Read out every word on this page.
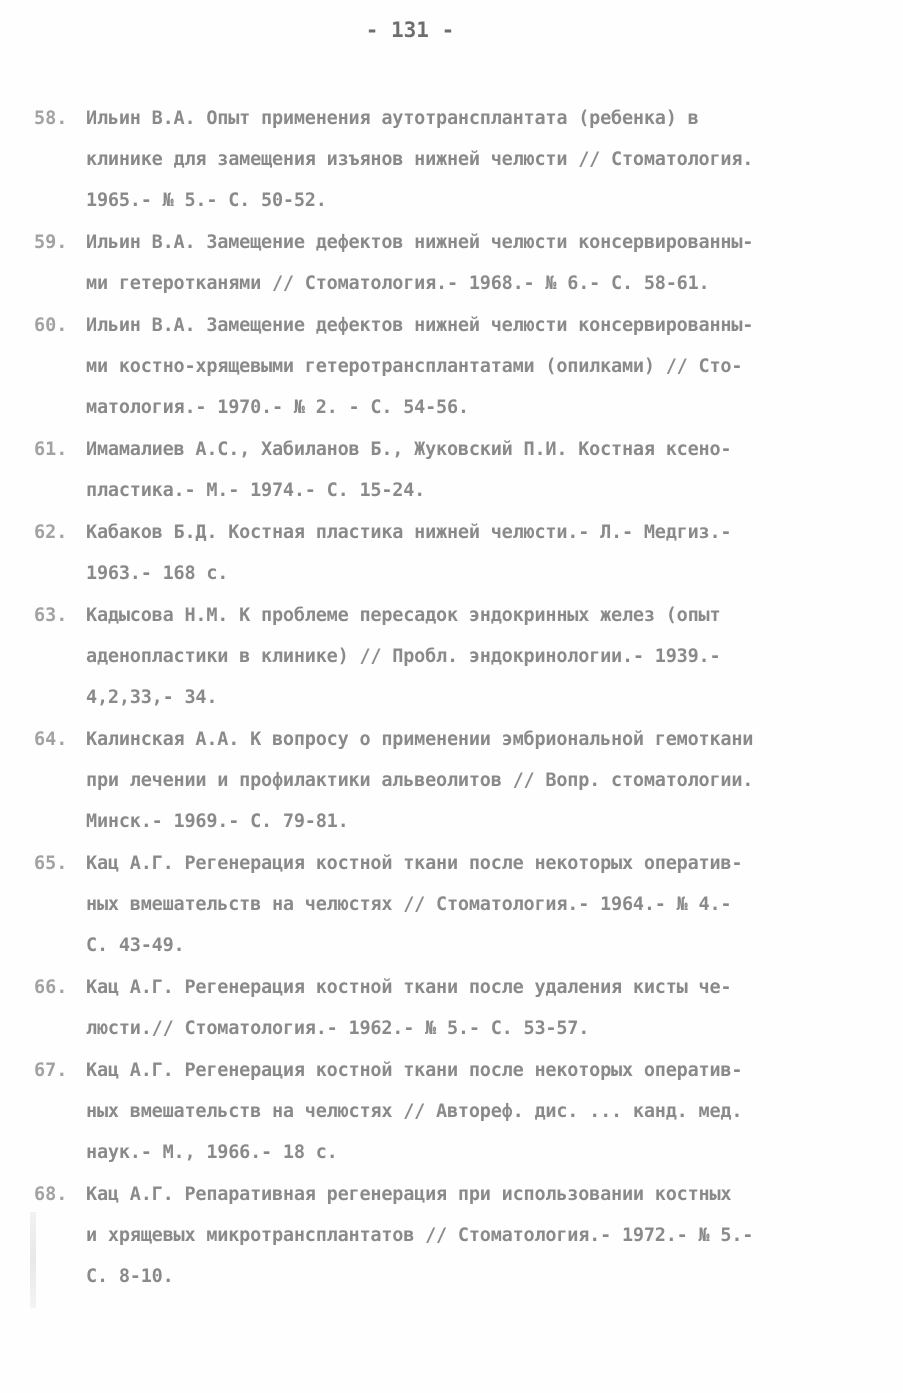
- 131 -
58.	Ильин В.А. Опыт применения аутотрансплантата (ребенка) в
клинике для замещения изъянов нижней челюсти // Стоматология.
1965.- № 5.- С. 50-52.
59.	Ильин В.А. Замещение дефектов нижней челюсти консервированны-
ми гетеротканями // Стоматология.- 1968.- № 6.- С. 58-61.
60.	Ильин В.А. Замещение дефектов нижней челюсти консервированны-
ми костно-хрящевыми гетеротрансплантатами (опилками) // Сто-
матология.- 1970.- № 2. - С. 54-56.
61.	Имамалиев А.С., Хабиланов Б., Жуковский П.И. Костная ксено-
пластика.- М.- 1974.- С. 15-24.
62.	Кабаков Б.Д. Костная пластика нижней челюсти.- Л.- Медгиз.-
1963.- 168 с.
63.	Кадысова Н.М. К проблеме пересадок эндокринных желез (опыт
аденопластики в клинике) // Пробл. эндокринологии.- 1939.-
4,2,33,- 34.
64.	Калинская А.А. К вопросу о применении эмбриональной гемоткани
при лечении и профилактики альвеолитов // Вопр. стоматологии.
Минск.- 1969.- С. 79-81.
65.	Кац А.Г. Регенерация костной ткани после некоторых оператив-
ных вмешательств на челюстях // Стоматология.- 1964.- № 4.-
С. 43-49.
66.	Кац А.Г. Регенерация костной ткани после удаления кисты че-
люсти.// Стоматология.- 1962.- № 5.- С. 53-57.
67.	Кац А.Г. Регенерация костной ткани после некоторых оператив-
ных вмешательств на челюстях // Автореф. дис. ... канд. мед.
наук.- М., 1966.- 18 с.
68.	Кац А.Г. Репаративная регенерация при использовании костных
и хрящевых микротрансплантатов // Стоматология.- 1972.- № 5.-
С. 8-10.
